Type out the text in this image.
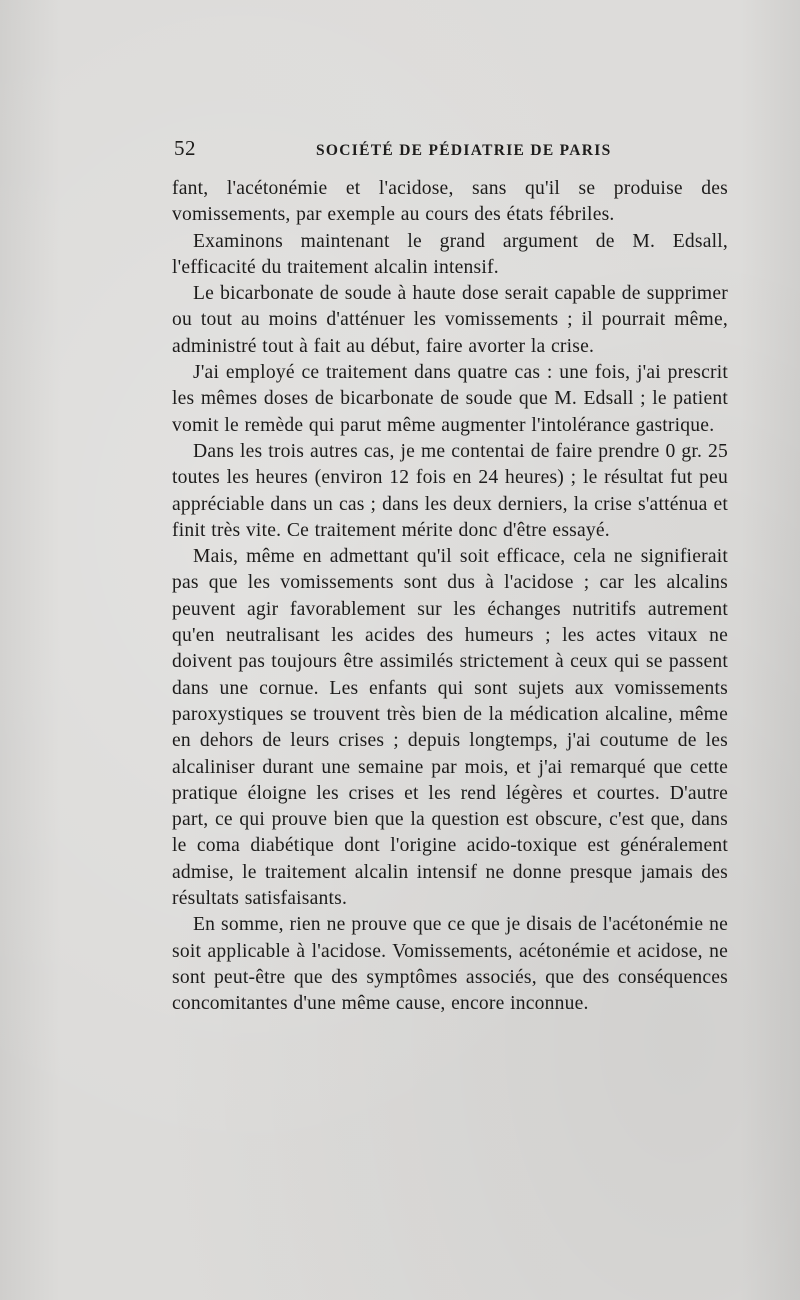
52	SOCIÉTÉ DE PÉDIATRIE DE PARIS

fant, l'acétonémie et l'acidose, sans qu'il se produise des vomissements, par exemple au cours des états fébriles.

Examinons maintenant le grand argument de M. Edsall, l'efficacité du traitement alcalin intensif.

Le bicarbonate de soude à haute dose serait capable de supprimer ou tout au moins d'atténuer les vomissements ; il pourrait même, administré tout à fait au début, faire avorter la crise.

J'ai employé ce traitement dans quatre cas : une fois, j'ai prescrit les mêmes doses de bicarbonate de soude que M. Edsall ; le patient vomit le remède qui parut même augmenter l'intolérance gastrique.

Dans les trois autres cas, je me contentai de faire prendre 0 gr. 25 toutes les heures (environ 12 fois en 24 heures) ; le résultat fut peu appréciable dans un cas ; dans les deux derniers, la crise s'atténua et finit très vite. Ce traitement mérite donc d'être essayé.

Mais, même en admettant qu'il soit efficace, cela ne signifierait pas que les vomissements sont dus à l'acidose ; car les alcalins peuvent agir favorablement sur les échanges nutritifs autrement qu'en neutralisant les acides des humeurs ; les actes vitaux ne doivent pas toujours être assimilés strictement à ceux qui se passent dans une cornue. Les enfants qui sont sujets aux vomissements paroxystiques se trouvent très bien de la médication alcaline, même en dehors de leurs crises ; depuis longtemps, j'ai coutume de les alcaliniser durant une semaine par mois, et j'ai remarqué que cette pratique éloigne les crises et les rend légères et courtes. D'autre part, ce qui prouve bien que la question est obscure, c'est que, dans le coma diabétique dont l'origine acido-toxique est généralement admise, le traitement alcalin intensif ne donne presque jamais des résultats satisfaisants.

En somme, rien ne prouve que ce que je disais de l'acétonémie ne soit applicable à l'acidose. Vomissements, acétonémie et acidose, ne sont peut-être que des symptômes associés, que des conséquences concomitantes d'une même cause, encore inconnue.
